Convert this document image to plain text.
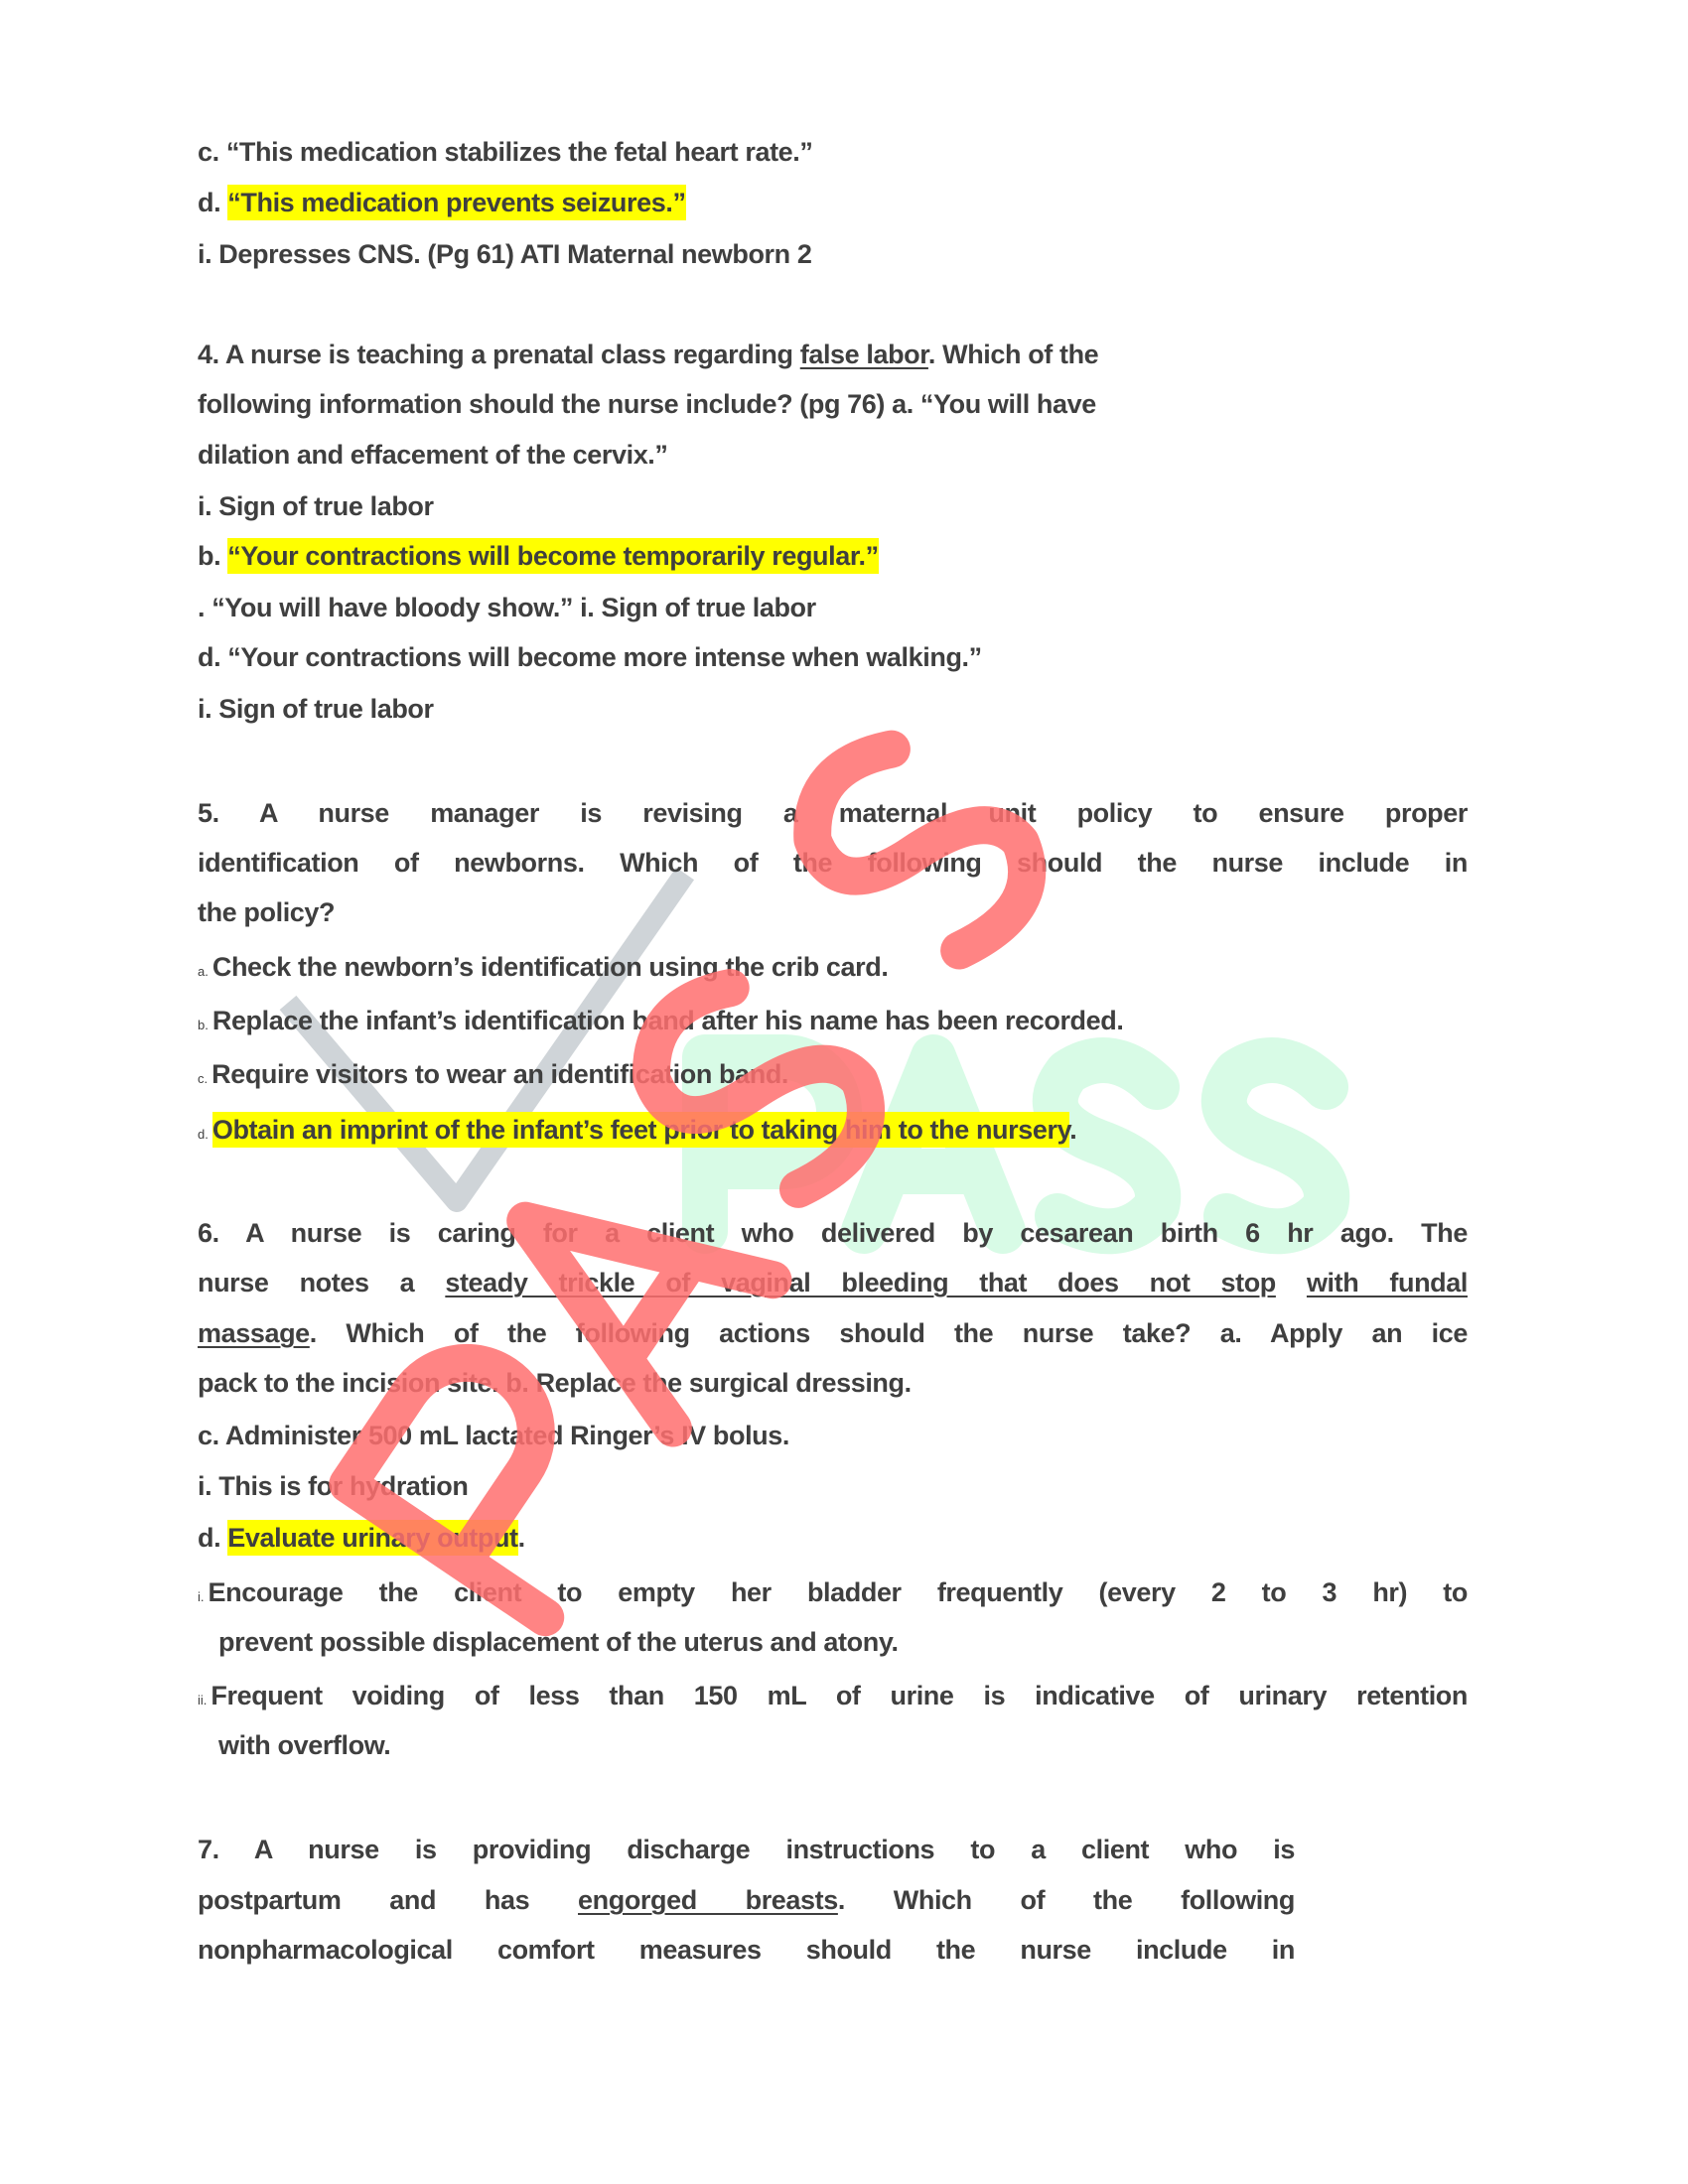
c. “This medication stabilizes the fetal heart rate.”
d. “This medication prevents seizures.”
i. Depresses CNS. (Pg 61) ATI Maternal newborn 2
4. A nurse is teaching a prenatal class regarding false labor. Which of the
following information should the nurse include? (pg 76) a. “You will have
dilation and effacement of the cervix.”
i. Sign of true labor
b. “Your contractions will become temporarily regular.”
. “You will have bloody show.” i. Sign of true labor
d. “Your contractions will become more intense when walking.”
i. Sign of true labor
5. A nurse manager is revising a maternal unit policy to ensure proper
identification of newborns. Which of the following should the nurse include in
the policy?
a. Check the newborn’s identification using the crib card.
b. Replace the infant’s identification band after his name has been recorded.
c. Require visitors to wear an identification band.
d. Obtain an imprint of the infant’s feet prior to taking him to the nursery.
6. A nurse is caring for a client who delivered by cesarean birth 6 hr ago. The
nurse notes a steady trickle of vaginal bleeding that does not stop with fundal
massage. Which of the following actions should the nurse take? a. Apply an ice
pack to the incision site. b. Replace the surgical dressing.
c. Administer 500 mL lactated Ringer’s IV bolus.
i. This is for hydration
d. Evaluate urinary output.
i. Encourage the client to empty her bladder frequently (every 2 to 3 hr) to
prevent possible displacement of the uterus and atony.
ii. Frequent voiding of less than 150 mL of urine is indicative of urinary retention
with overflow.
7. A nurse is providing discharge instructions to a client who is
postpartum and has engorged breasts. Which of the following
nonpharmacological comfort measures should the nurse include in
